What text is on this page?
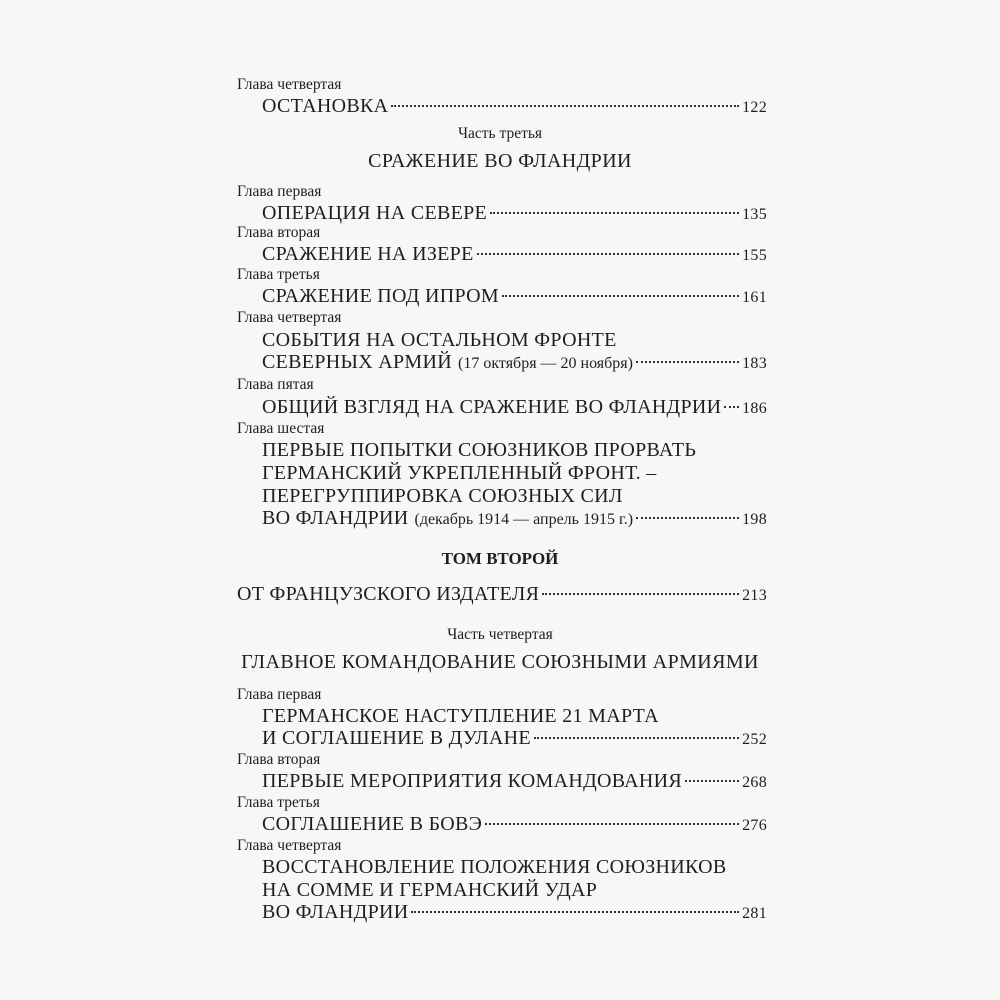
Глава четвертая
ОСТАНОВКА	122
Часть третья
СРАЖЕНИЕ ВО ФЛАНДРИИ
Глава первая
ОПЕРАЦИЯ НА СЕВЕРЕ	135
Глава вторая
СРАЖЕНИЕ НА ИЗЕРЕ	155
Глава третья
СРАЖЕНИЕ ПОД ИПРОМ	161
Глава четвертая
СОБЫТИЯ НА ОСТАЛЬНОМ ФРОНТЕ
СЕВЕРНЫХ АРМИЙ (17 октября — 20 ноября)	183
Глава пятая
ОБЩИЙ ВЗГЛЯД НА СРАЖЕНИЕ ВО ФЛАНДРИИ 186
Глава шестая
ПЕРВЫЕ ПОПЫТКИ СОЮЗНИКОВ ПРОРВАТЬ
ГЕРМАНСКИЙ УКРЕПЛЕННЫЙ ФРОНТ. –
ПЕРЕГРУППИРОВКА СОЮЗНЫХ СИЛ
ВО ФЛАНДРИИ (декабрь 1914 — апрель 1915 г.)	198
ТОМ ВТОРОЙ
ОТ ФРАНЦУЗСКОГО ИЗДАТЕЛЯ	213
Часть четвертая
ГЛАВНОЕ КОМАНДОВАНИЕ СОЮЗНЫМИ АРМИЯМИ
Глава первая
ГЕРМАНСКОЕ НАСТУПЛЕНИЕ 21 МАРТА
И СОГЛАШЕНИЕ В ДУЛАНЕ	252
Глава вторая
ПЕРВЫЕ МЕРОПРИЯТИЯ КОМАНДОВАНИЯ	268
Глава третья
СОГЛАШЕНИЕ В БОВЭ	276
Глава четвертая
ВОССТАНОВЛЕНИЕ ПОЛОЖЕНИЯ СОЮЗНИКОВ
НА СОММЕ И ГЕРМАНСКИЙ УДАР
ВО ФЛАНДРИИ	281
